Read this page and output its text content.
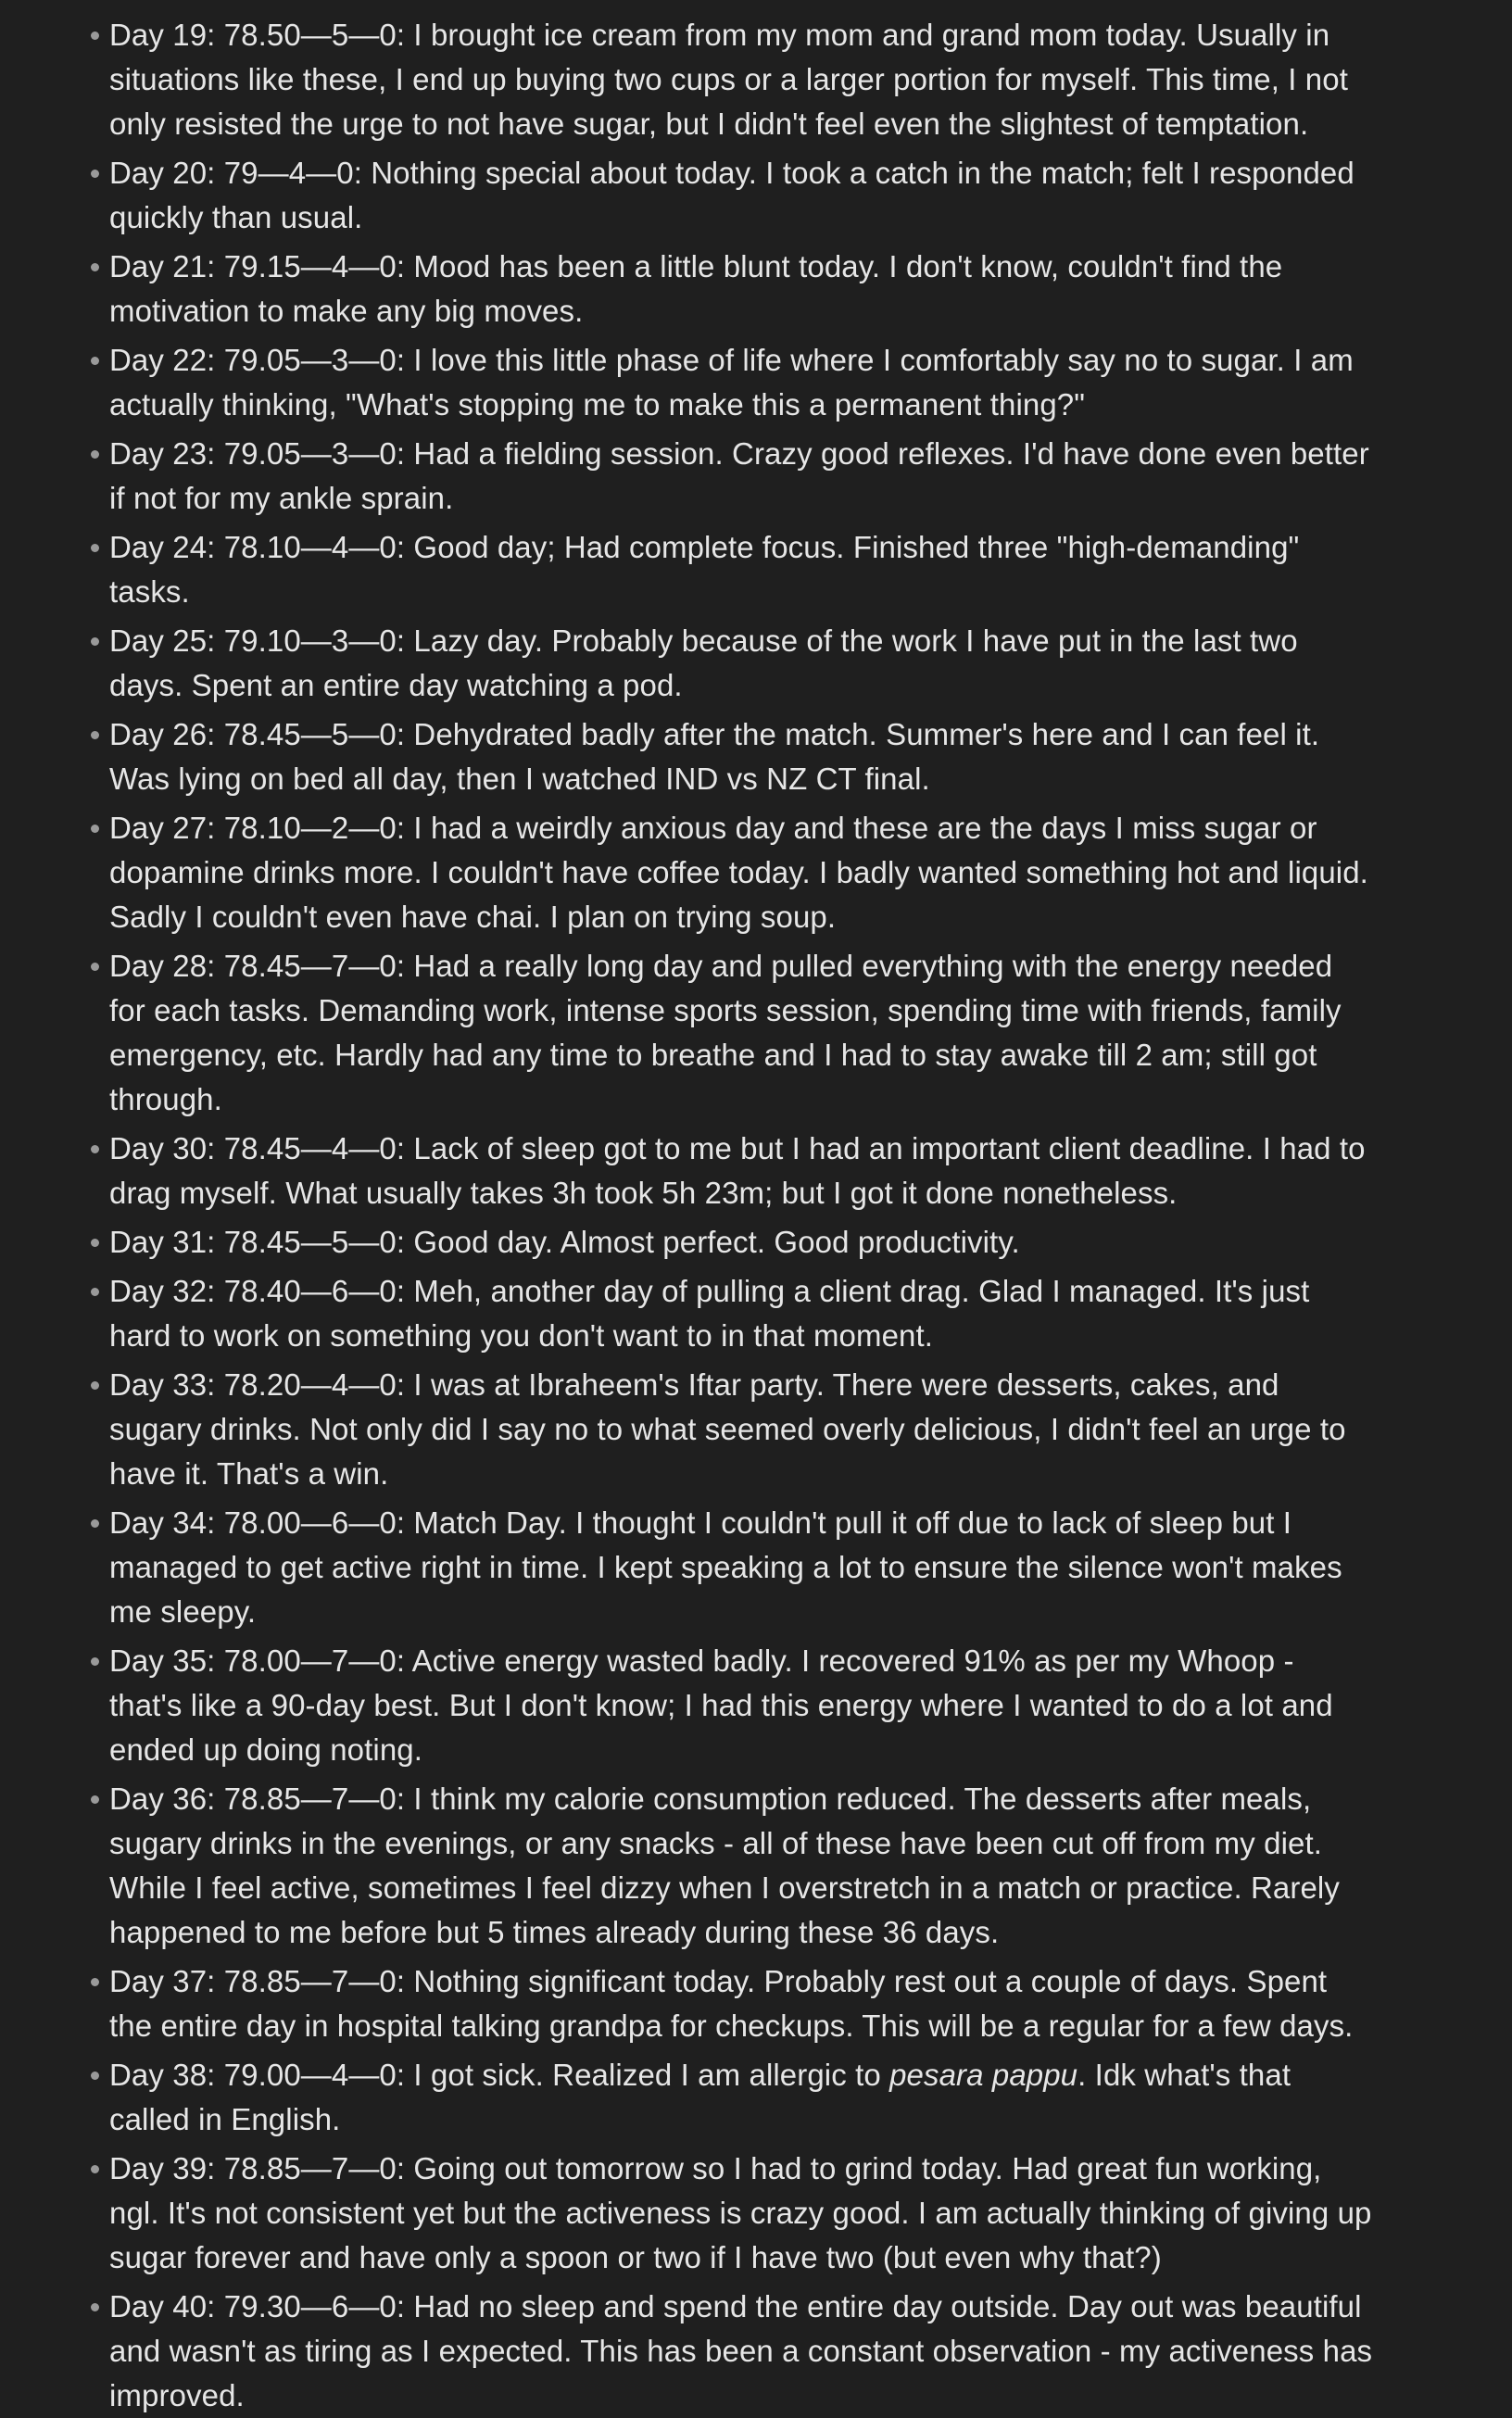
Day 19: 78.50—5—0: I brought ice cream from my mom and grand mom today. Usually in situations like these, I end up buying two cups or a larger portion for myself. This time, I not only resisted the urge to not have sugar, but I didn't feel even the slightest of temptation.
Day 20: 79—4—0: Nothing special about today. I took a catch in the match; felt I responded quickly than usual.
Day 21: 79.15—4—0: Mood has been a little blunt today. I don't know, couldn't find the motivation to make any big moves.
Day 22: 79.05—3—0: I love this little phase of life where I comfortably say no to sugar. I am actually thinking, "What's stopping me to make this a permanent thing?"
Day 23: 79.05—3—0: Had a fielding session. Crazy good reflexes. I'd have done even better if not for my ankle sprain.
Day 24: 78.10—4—0: Good day; Had complete focus. Finished three "high-demanding" tasks.
Day 25: 79.10—3—0: Lazy day. Probably because of the work I have put in the last two days. Spent an entire day watching a pod.
Day 26: 78.45—5—0: Dehydrated badly after the match. Summer's here and I can feel it. Was lying on bed all day, then I watched IND vs NZ CT final.
Day 27: 78.10—2—0: I had a weirdly anxious day and these are the days I miss sugar or dopamine drinks more. I couldn't have coffee today. I badly wanted something hot and liquid. Sadly I couldn't even have chai. I plan on trying soup.
Day 28: 78.45—7—0: Had a really long day and pulled everything with the energy needed for each tasks. Demanding work, intense sports session, spending time with friends, family emergency, etc. Hardly had any time to breathe and I had to stay awake till 2 am; still got through.
Day 30: 78.45—4—0: Lack of sleep got to me but I had an important client deadline. I had to drag myself. What usually takes 3h took 5h 23m; but I got it done nonetheless.
Day 31: 78.45—5—0: Good day. Almost perfect. Good productivity.
Day 32: 78.40—6—0: Meh, another day of pulling a client drag. Glad I managed. It's just hard to work on something you don't want to in that moment.
Day 33: 78.20—4—0: I was at Ibraheem's Iftar party. There were desserts, cakes, and sugary drinks. Not only did I say no to what seemed overly delicious, I didn't feel an urge to have it. That's a win.
Day 34: 78.00—6—0: Match Day. I thought I couldn't pull it off due to lack of sleep but I managed to get active right in time. I kept speaking a lot to ensure the silence won't makes me sleepy.
Day 35: 78.00—7—0: Active energy wasted badly. I recovered 91% as per my Whoop - that's like a 90-day best. But I don't know; I had this energy where I wanted to do a lot and ended up doing noting.
Day 36: 78.85—7—0: I think my calorie consumption reduced. The desserts after meals, sugary drinks in the evenings, or any snacks - all of these have been cut off from my diet. While I feel active, sometimes I feel dizzy when I overstretch in a match or practice. Rarely happened to me before but 5 times already during these 36 days.
Day 37: 78.85—7—0: Nothing significant today. Probably rest out a couple of days. Spent the entire day in hospital talking grandpa for checkups. This will be a regular for a few days.
Day 38: 79.00—4—0: I got sick. Realized I am allergic to pesara pappu. Idk what's that called in English.
Day 39: 78.85—7—0: Going out tomorrow so I had to grind today. Had great fun working, ngl. It's not consistent yet but the activeness is crazy good. I am actually thinking of giving up sugar forever and have only a spoon or two if I have two (but even why that?)
Day 40: 79.30—6—0: Had no sleep and spend the entire day outside. Day out was beautiful and wasn't as tiring as I expected. This has been a constant observation - my activeness has improved.
